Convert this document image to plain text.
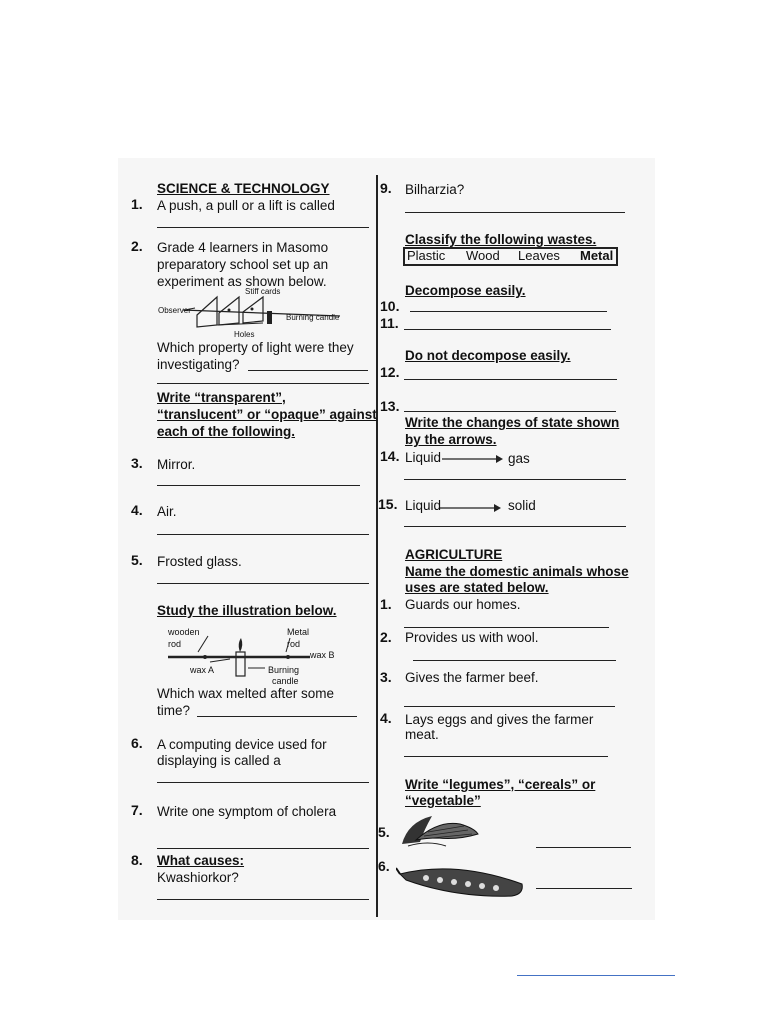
SCIENCE & TECHNOLOGY
1. A push, a pull or a lift is called
2. Grade 4 learners in Masomo
preparatory school set up an
experiment as shown below.
Stiff cards
Observer
Holes
Burning candle
Which property of light were they
investigating?
Write “transparent”,
“translucent” or “opaque” against
each of the following.
3. Mirror.
4. Air.
5. Frosted glass.
Study the illustration below.
wooden
rod
Metal
rod
wax B
wax A	Burning
candle
Which wax melted after some
time?
6. A computing device used for
displaying is called a
7. Write one symptom of cholera
8. What causes:
Kwashiorkor?
9. Bilharzia?
Classify the following wastes.
Plastic Wood Leaves Metal
Decompose easily.
10.
11.
Do not decompose easily.
12.
13.
Write the changes of state shown
by the arrows.
14. Liquid	gas
15. Liquid	solid
AGRICULTURE
Name the domestic animals whose
uses are stated below.
1. Guards our homes.
2. Provides us with wool.
3. Gives the farmer beef.
4. Lays eggs and gives the farmer
meat.
Write “legumes”, “cereals” or
“vegetable”
5.
6.
